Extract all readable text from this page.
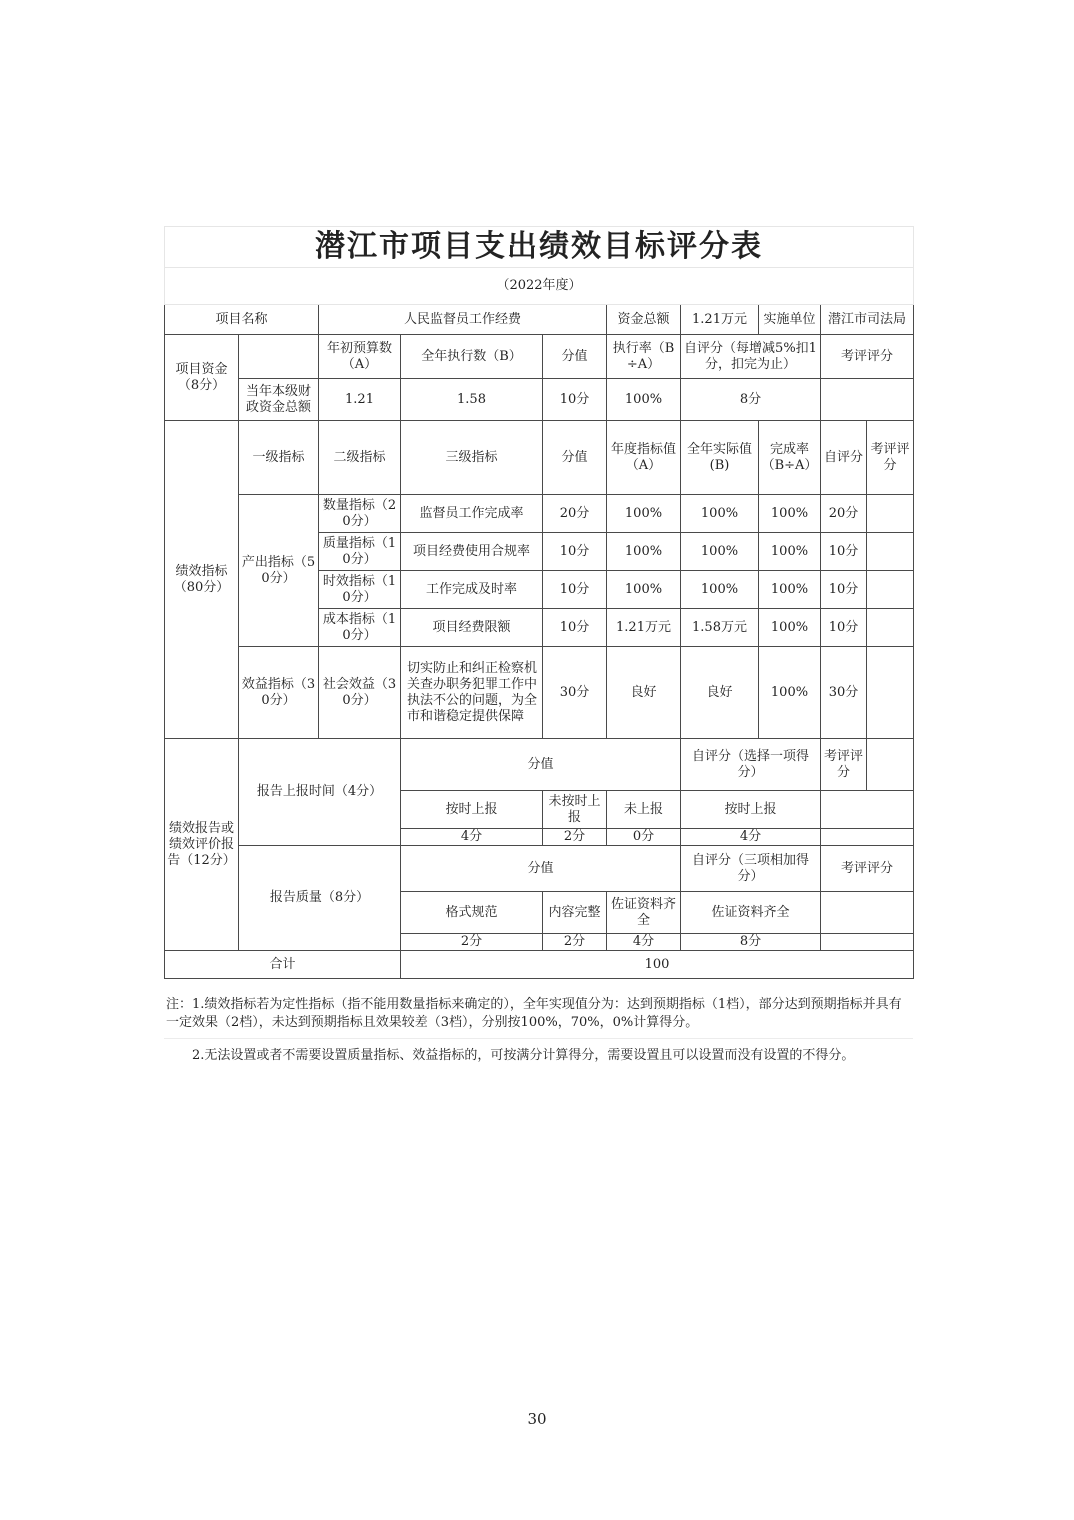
潜江市项目支出绩效目标评分表									
（2022年度）									
项目名称		人民监督员工作经费			资金总额	1.21万元	实施单位	潜江市司法局	
项目资金（8分）		年初预算数（A）	全年执行数（B）	分值	执行率（B÷A）	自评分（每增减5%扣1分，扣完为止）		考评评分	
	当年本级财政资金总额	1.21	1.58	10分	100%	8分			
绩效指标（80分）	一级指标	二级指标	三级指标	分值	年度指标值（A）	全年实际值(B)	完成率（B÷A）	自评分	考评评分
	产出指标（50分）	数量指标（20分）	监督员工作完成率	20分	100%	100%	100%	20分	
		质量指标（10分）	项目经费使用合规率	10分	100%	100%	100%	10分	
		时效指标（10分）	工作完成及时率	10分	100%	100%	100%	10分	
		成本指标（10分）	项目经费限额	10分	1.21万元	1.58万元	100%	10分	
	效益指标（30分）	社会效益（30分）	切实防止和纠正检察机关查办职务犯罪工作中执法不公的问题，为全市和谐稳定提供保障	30分	良好	良好	100%	30分	
绩效报告或绩效评价报告（12分）	报告上报时间（4分）		分值			自评分（选择一项得分）		考评评分	
			按时上报	未按时上报	未上报	按时上报			
			4分	2分	0分	4分			
	报告质量（8分）		分值			自评分（三项相加得分）		考评评分	
			格式规范	内容完整	佐证资料齐全	佐证资料齐全			
			2分	2分	4分	8分			
合计			100						
注：1.绩效指标若为定性指标（指不能用数量指标来确定的），全年实现值分为：达到预期指标（1档），部分达到预期指标并具有一定效果（2档），未达到预期指标且效果较差（3档），分别按100%，70%，0%计算得分。
2.无法设置或者不需要设置质量指标、效益指标的，可按满分计算得分，需要设置且可以设置而没有设置的不得分。
30
